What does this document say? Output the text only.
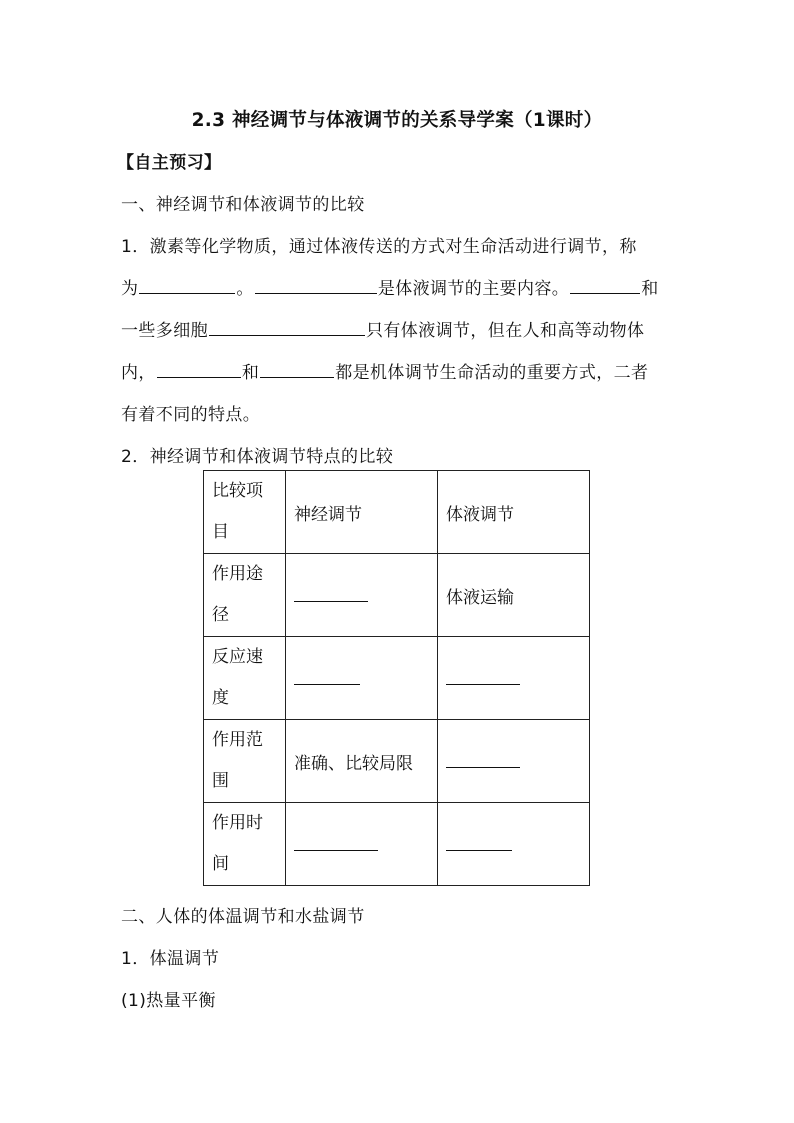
2.3 神经调节与体液调节的关系导学案（1课时）
【自主预习】
一、神经调节和体液调节的比较
1．激素等化学物质，通过体液传送的方式对生命活动进行调节，称
为	。	是体液调节的主要内容。	和
一些多细胞	只有体液调节，但在人和高等动物体
内，	和	都是机体调节生命活动的重要方式，二者
有着不同的特点。
2．神经调节和体液调节特点的比较
比较项目	神经调节	体液调节
作用途径		体液运输
反应速度		
作用范围	准确、比较局限	
作用时间		
二、人体的体温调节和水盐调节
1．体温调节
(1)热量平衡
